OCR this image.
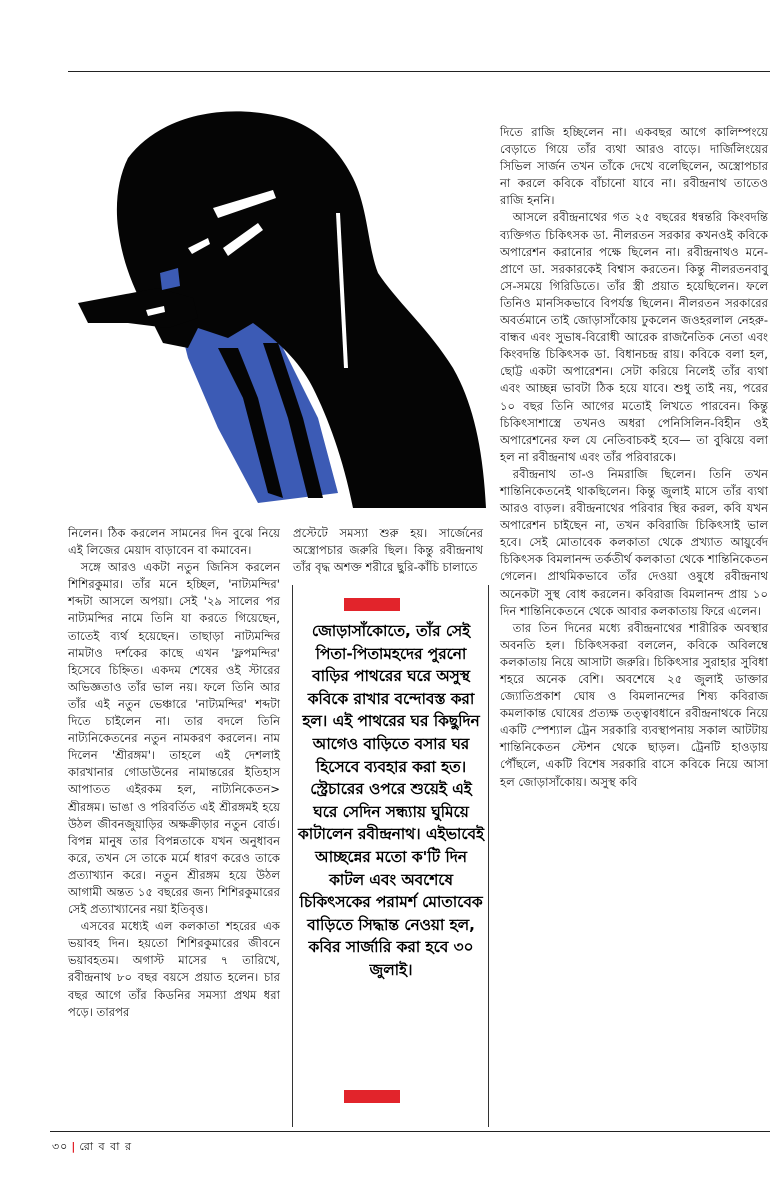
নিলেন। ঠিক করলেন সামনের দিন বুঝে নিয়ে এই লিজের মেয়াদ বাড়াবেন বা কমাবেন।

সঙ্গে আরও একটা নতুন জিনিস করলেন শিশিরকুমার। তাঁর মনে হচ্ছিল, 'নাট্যমন্দির' শব্দটা আসলে অপয়া। সেই '২৯ সালের পর নাট্যমন্দির নামে তিনি যা করতে গিয়েছেন, তাতেই ব্যর্থ হয়েছেন। তাছাড়া নাট্যমন্দির নামটাও দর্শকের কাছে এখন 'ফ্লপমন্দির' হিসেবে চিহ্নিত। একদম শেষের ওই স্টারের অভিজ্ঞতাও তাঁর ভাল নয়। ফলে তিনি আর তাঁর এই নতুন ভেঞ্চারে 'নাট্যমন্দির' শব্দটা দিতে চাইলেন না। তার বদলে তিনি নাট্যনিকেতনের নতুন নামকরণ করলেন। নাম দিলেন 'শ্রীরঙ্গম'। তাহলে এই দেশলাই কারখানার গোডাউনের নামান্তরের ইতিহাস আপাতত এইরকম হল, নাট্যনিকেতন> শ্রীরঙ্গম। ভাঙা ও পরিবর্তিত এই শ্রীরঙ্গমই হয়ে উঠল জীবনজুয়াড়ির অক্ষক্রীড়ার নতুন বোর্ড। বিপন্ন মানুষ তার বিপন্নতাকে যখন অনুধাবন করে, তখন সে তাকে মর্মে ধারণ করেও তাকে প্রত্যাখ্যান করে। নতুন শ্রীরঙ্গম হয়ে উঠল আগামী অন্তত ১৫ বছরের জন্য শিশিরকুমারের সেই প্রত্যাখ্যানের নয়া ইতিবৃত্ত।

এসবের মধ্যেই এল কলকাতা শহরের এক ভয়াবহ দিন। হয়তো শিশিরকুমারের জীবনে ভয়াবহতম। অগাস্ট মাসের ৭ তারিখে, রবীন্দ্রনাথ ৮০ বছর বয়সে প্রয়াত হলেন। চার বছর আগে তাঁর কিডনির সমস্যা প্রথম ধরা পড়ে। তারপর

প্রস্টেটে সমস্যা শুরু হয়। সার্জেনের অস্ত্রোপচার জরুরি ছিল। কিন্তু রবীন্দ্রনাথ তাঁর বৃদ্ধ অশক্ত শরীরে ছুরি-কাঁচি চালাতে

জোড়াসাঁকোতে, তাঁর সেই পিতা-পিতামহদের পুরনো বাড়ির পাথরের ঘরে অসুস্থ কবিকে রাখার বন্দোবস্ত করা হল। এই পাথরের ঘর কিছুদিন আগেও বাড়িতে বসার ঘর হিসেবে ব্যবহার করা হত। স্ট্রেচারের ওপরে শুয়েই এই ঘরে সেদিন সন্ধ্যায় ঘুমিয়ে কাটালেন রবীন্দ্রনাথ। এইভাবেই আচ্ছন্নের মতো ক'টি দিন কাটল এবং অবশেষে চিকিৎসকের পরামর্শ মোতাবেক বাড়িতে সিদ্ধান্ত নেওয়া হল, কবির সার্জারি করা হবে ৩০ জুলাই।

দিতে রাজি হচ্ছিলেন না। একবছর আগে কালিম্পংয়ে বেড়াতে গিয়ে তাঁর ব্যথা আরও বাড়ে। দার্জিলিংয়ের সিভিল সার্জন তখন তাঁকে দেখে বলেছিলেন, অস্ত্রোপচার না করলে কবিকে বাঁচানো যাবে না। রবীন্দ্রনাথ তাতেও রাজি হননি।

আসলে রবীন্দ্রনাথের গত ২৫ বছরের ধন্বন্তরি কিংবদন্তি ব্যক্তিগত চিকিৎসক ডা. নীলরতন সরকার কখনওই কবিকে অপারেশন করানোর পক্ষে ছিলেন না। রবীন্দ্রনাথও মনে-প্রাণে ডা. সরকারকেই বিশ্বাস করতেন। কিন্তু নীলরতনবাবু সে-সময়ে গিরিডিতে। তাঁর স্ত্রী প্রয়াত হয়েছিলেন। ফলে তিনিও মানসিকভাবে বিপর্যস্ত ছিলেন। নীলরতন সরকারের অবর্তমানে তাই জোড়াসাঁকোয় ঢুকলেন জওহরলাল নেহরু-বান্ধব এবং সুভাষ-বিরোধী আরেক রাজনৈতিক নেতা এবং কিংবদন্তি চিকিৎসক ডা. বিধানচন্দ্র রায়। কবিকে বলা হল, ছোট্ট একটা অপারেশন। সেটা করিয়ে নিলেই তাঁর ব্যথা এবং আচ্ছন্ন ভাবটা ঠিক হয়ে যাবে। শুধু তাই নয়, পরের ১০ বছর তিনি আগের মতোই লিখতে পারবেন। কিন্তু চিকিৎসাশাস্ত্রে তখনও অধরা পেনিসিলিন-বিহীন ওই অপারেশনের ফল যে নেতিবাচকই হবে— তা বুঝিয়ে বলা হল না রবীন্দ্রনাথ এবং তাঁর পরিবারকে।

রবীন্দ্রনাথ তা-ও নিমরাজি ছিলেন। তিনি তখন শান্তিনিকেতনেই থাকছিলেন। কিন্তু জুলাই মাসে তাঁর ব্যথা আরও বাড়ল। রবীন্দ্রনাথের পরিবার স্থির করল, কবি যখন অপারেশন চাইছেন না, তখন কবিরাজি চিকিৎসাই ভাল হবে। সেই মোতাবেক কলকাতা থেকে প্রখ্যাত আয়ুর্বেদ চিকিৎসক বিমলানন্দ তর্কতীর্থ কলকাতা থেকে শান্তিনিকেতন গেলেন। প্রাথমিকভাবে তাঁর দেওয়া ওষুধে রবীন্দ্রনাথ অনেকটা সুস্থ বোধ করলেন। কবিরাজ বিমলানন্দ প্রায় ১০ দিন শান্তিনিকেতনে থেকে আবার কলকাতায় ফিরে এলেন।

তার তিন দিনের মধ্যে রবীন্দ্রনাথের শারীরিক অবস্থার অবনতি হল। চিকিৎসকরা বললেন, কবিকে অবিলম্বে কলকাতায় নিয়ে আসাটা জরুরি। চিকিৎসার সুরাহার সুবিধা শহরে অনেক বেশি। অবশেষে ২৫ জুলাই ডাক্তার জ্যোতিপ্রকাশ ঘোষ ও বিমলানন্দের শিষ্য কবিরাজ কমলাকান্ত ঘোষের প্রত্যক্ষ তত্ত্বাবধানে রবীন্দ্রনাথকে নিয়ে একটি স্পেশ্যাল ট্রেন সরকারি ব্যবস্থাপনায় সকাল আটটায় শান্তিনিকেতন স্টেশন থেকে ছাড়ল। ট্রেনটি হাওড়ায় পৌঁছলে, একটি বিশেষ সরকারি বাসে কবিকে নিয়ে আসা হল জোড়াসাঁকোয়। অসুস্থ কবি

৩০ | রো ব বা র
